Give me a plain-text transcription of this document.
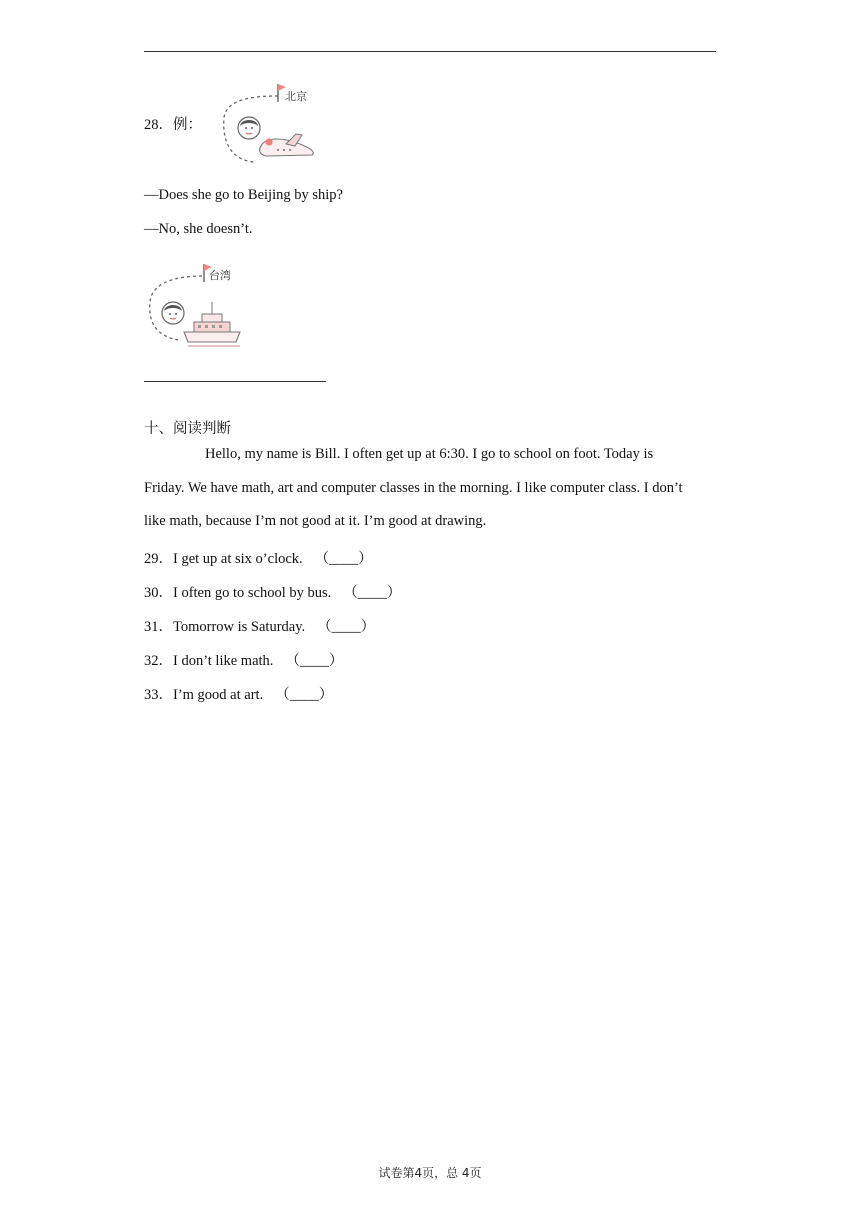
28．例：
北京
—Does she go to Beijing by ship?
—No, she doesn’t.
台湾
十、阅读判断
Hello, my name is Bill. I often get up at 6:30. I go to school on foot. Today is
Friday. We have math, art and computer classes in the morning. I like computer class. I don’t
like math, because I’m not good at it. I’m good at drawing.
29．I get up at six o’clock. （____）
30．I often go to school by bus. （____）
31．Tomorrow is Saturday. （____）
32．I don’t like math. （____）
33．I’m good at art. （____）
试卷第4页，总 4页
